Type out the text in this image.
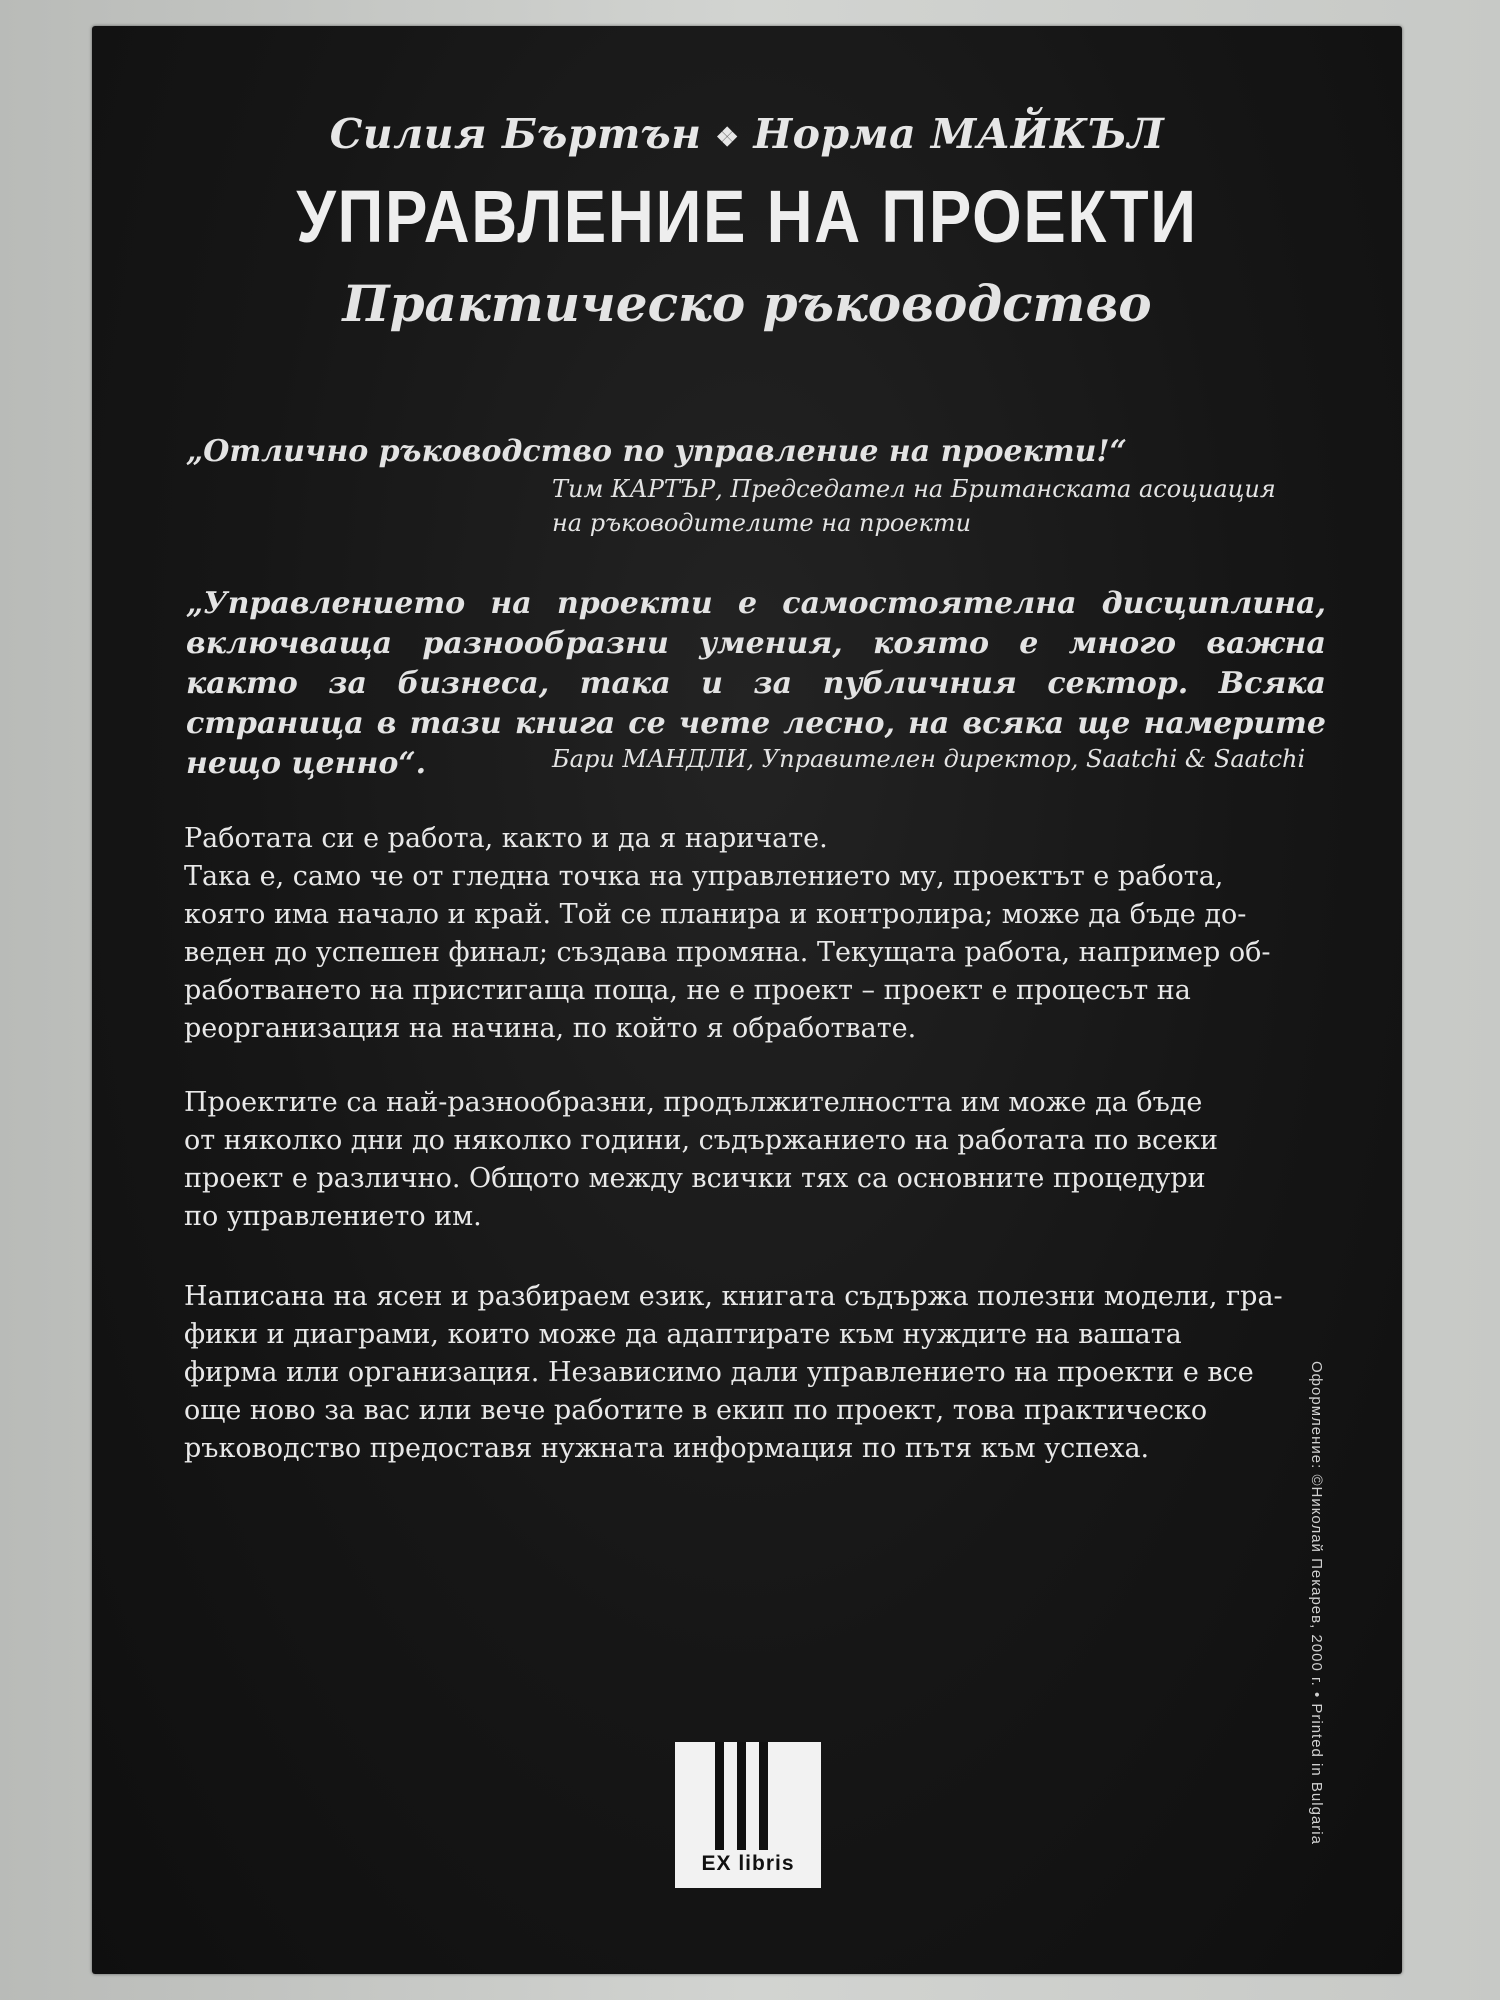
Силия Бъртън ❖ Норма МАЙКЪЛ
УПРАВЛЕНИЕ НА ПРОЕКТИ
Практическо ръководство
„Отлично ръководство по управление на проекти!“
Тим КАРТЪР, Председател на Британската асоциация
на ръководителите на проекти
„Управлението на проекти е самостоятелна дисциплина, включваща разнообразни умения, която е много важна както за бизнеса, така и за публичния сектор. Всяка страница в тази книга се чете лесно, на всяка ще намерите нещо ценно“.	Бари МАНДЛИ, Управителен директор, Saatchi & Saatchi
Работата си е работа, както и да я наричате.
Така е, само че от гледна точка на управлението му, проектът е работа,
която има начало и край. Той се планира и контролира; може да бъде до-
веден до успешен финал; създава промяна. Текущата работа, например об-
работването на пристигаща поща, не е проект – проект е процесът на
реорганизация на начина, по който я обработвате.
Проектите са най-разнообразни, продължителността им може да бъде
от няколко дни до няколко години, съдържанието на работата по всеки
проект е различно. Общото между всички тях са основните процедури
по управлението им.
Написана на ясен и разбираем език, книгата съдържа полезни модели, гра-
фики и диаграми, които може да адаптирате към нуждите на вашата
фирма или организация. Независимо дали управлението на проекти е все
още ново за вас или вече работите в екип по проект, това практическо
ръководство предоставя нужната информация по пътя към успеха.	Оформление: ©Николай Пекарев, 2000 г. • Printed in Bulgaria
EX libris
